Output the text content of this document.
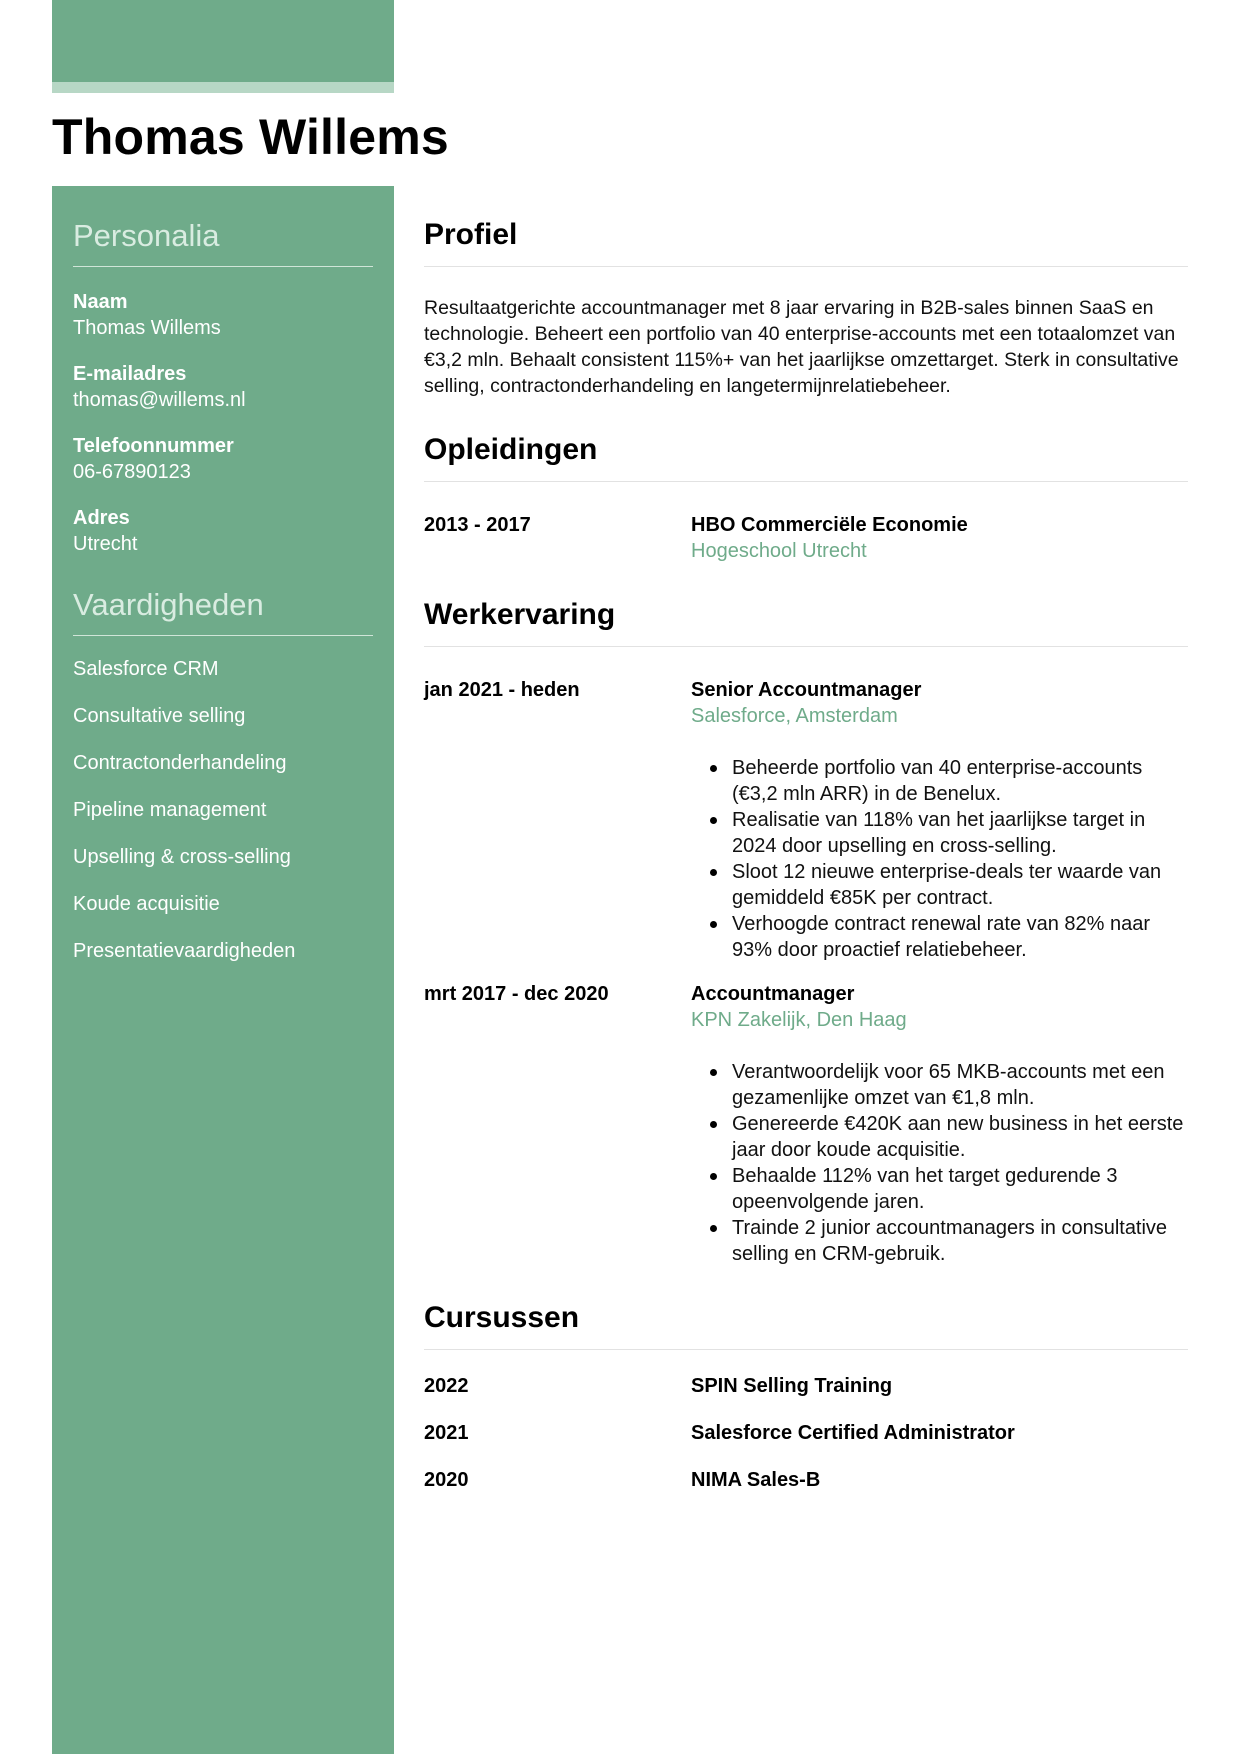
Thomas Willems
Personalia
Naam
Thomas Willems
E-mailadres
thomas@willems.nl
Telefoonnummer
06-67890123
Adres
Utrecht
Vaardigheden
Salesforce CRM
Consultative selling
Contractonderhandeling
Pipeline management
Upselling & cross-selling
Koude acquisitie
Presentatievaardigheden
Profiel

Resultaatgerichte accountmanager met 8 jaar ervaring in B2B-sales binnen SaaS en technologie. Beheert een portfolio van 40 enterprise-accounts met een totaalomzet van €3,2 mln. Behaalt consistent 115%+ van het jaarlijkse omzettarget. Sterk in consultative selling, contractonderhandeling en langetermijnrelatiebeheer.

Opleidingen
2013 - 2017	HBO Commerciële Economie
Hogeschool Utrecht
Werkervaring
jan 2021 - heden	Senior Accountmanager
Salesforce, Amsterdam
Beheerde portfolio van 40 enterprise-accounts (€3,2 mln ARR) in de Benelux.
Realisatie van 118% van het jaarlijkse target in 2024 door upselling en cross-selling.
Sloot 12 nieuwe enterprise-deals ter waarde van gemiddeld €85K per contract.
Verhoogde contract renewal rate van 82% naar 93% door proactief relatiebeheer.
mrt 2017 - dec 2020	Accountmanager
KPN Zakelijk, Den Haag
Verantwoordelijk voor 65 MKB-accounts met een gezamenlijke omzet van €1,8 mln.
Genereerde €420K aan new business in het eerste jaar door koude acquisitie.
Behaalde 112% van het target gedurende 3 opeenvolgende jaren.
Trainde 2 junior accountmanagers in consultative selling en CRM-gebruik.
Cursussen
2022	SPIN Selling Training
2021	Salesforce Certified Administrator
2020	NIMA Sales-B
